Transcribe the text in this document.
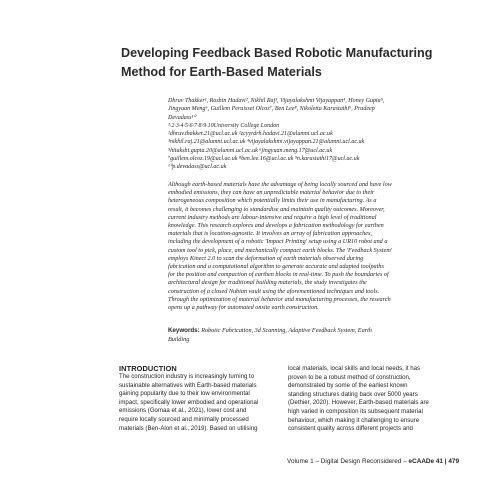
Developing Feedback Based Robotic Manufacturing
Method for Earth-Based Materials
Dhruv Thakker¹, Roshin Hadavi², Nikhil Raj³, Vijayalakshmi Vijayappan⁴, Honey Gupta⁵,
Jingyuan Meng⁶, Guillem Peruisset Olcoz⁷, Ben Lee⁸, Nikoletta Karastathi⁹, Pradeep
Devadass¹⁰
¹·2·3·4·5·6·7·8·9·10University College London
¹dhruv.thakker.21@ucl.ac.uk ²zcyyrdrh.hadavi.21@alumni.ucl.ac.uk
³nikhil.raj.21@alumni.ucl.ac.uk ⁴vijayalakshmi.vijayappan.21@alumni.ucl.ac.uk
⁵hitakshi.gupta.20@alumni.ucl.ac.uk ⁶jingyuan.meng.17@ucl.ac.uk
⁷guillem.olcoz.19@ucl.ac.uk ⁸ben.lee.16@ucl.ac.uk ⁹n.karastathi17@ucl.ac.uk
¹⁰p.devadass@ucl.ac.uk
Although earth-based materials have the advantage of being locally sourced and have low
embodied emissions, they can have an unpredictable material behavior due to their
heterogeneous composition which potentially limits their use in manufacturing. As a
result, it becomes challenging to standardise and maintain quality outcomes. Moreover,
current industry methods are labour-intensive and require a high level of traditional
knowledge. This research explores and develops a fabrication methodology for earthen
materials that is location-agnostic. It involves an array of fabrication approaches,
including the development of a robotic 'Impact Printing' setup using a UR10 robot and a
custom tool to pick, place, and mechanically compact earth blocks. The 'Feedback System'
employs Kinect 2.0 to scan the deformation of earth materials observed during
fabrication and a computational algorithm to generate accurate and adapted toolpaths
for the position and compaction of earthen blocks in real-time. To push the boundaries of
architectural design for traditional building materials, the study investigates the
construction of a closed Nubian vault using the aforementioned techniques and tools.
Through the optimization of material behavior and manufacturing processes, the research
opens up a pathway for automated onsite earth construction.
Keywords: Robotic Fabrication, 3d Scanning, Adaptive Feedback System, Earth
Building
INTRODUCTION
The construction industry is increasingly turning to
sustainable alternatives with Earth-based materials
gaining popularity due to their low environmental
impact, specifically lower embodied and operational
emissions (Gomaa et al., 2021), lower cost and
require locally sourced and minimally processed
materials (Ben-Alon et al., 2019). Based on utilising
local materials, local skills and local needs, it has
proven to be a robust method of construction,
demonstrated by some of the earliest known
standing structures dating back over 5000 years
(Dethier, 2020). However, Earth-based materials are
high varied in composition its subsequent material
behaviour, which making it challenging to ensure
consistent quality across different projects and
Volume 1 – Digital Design Reconsidered – eCAADe 41 | 479
